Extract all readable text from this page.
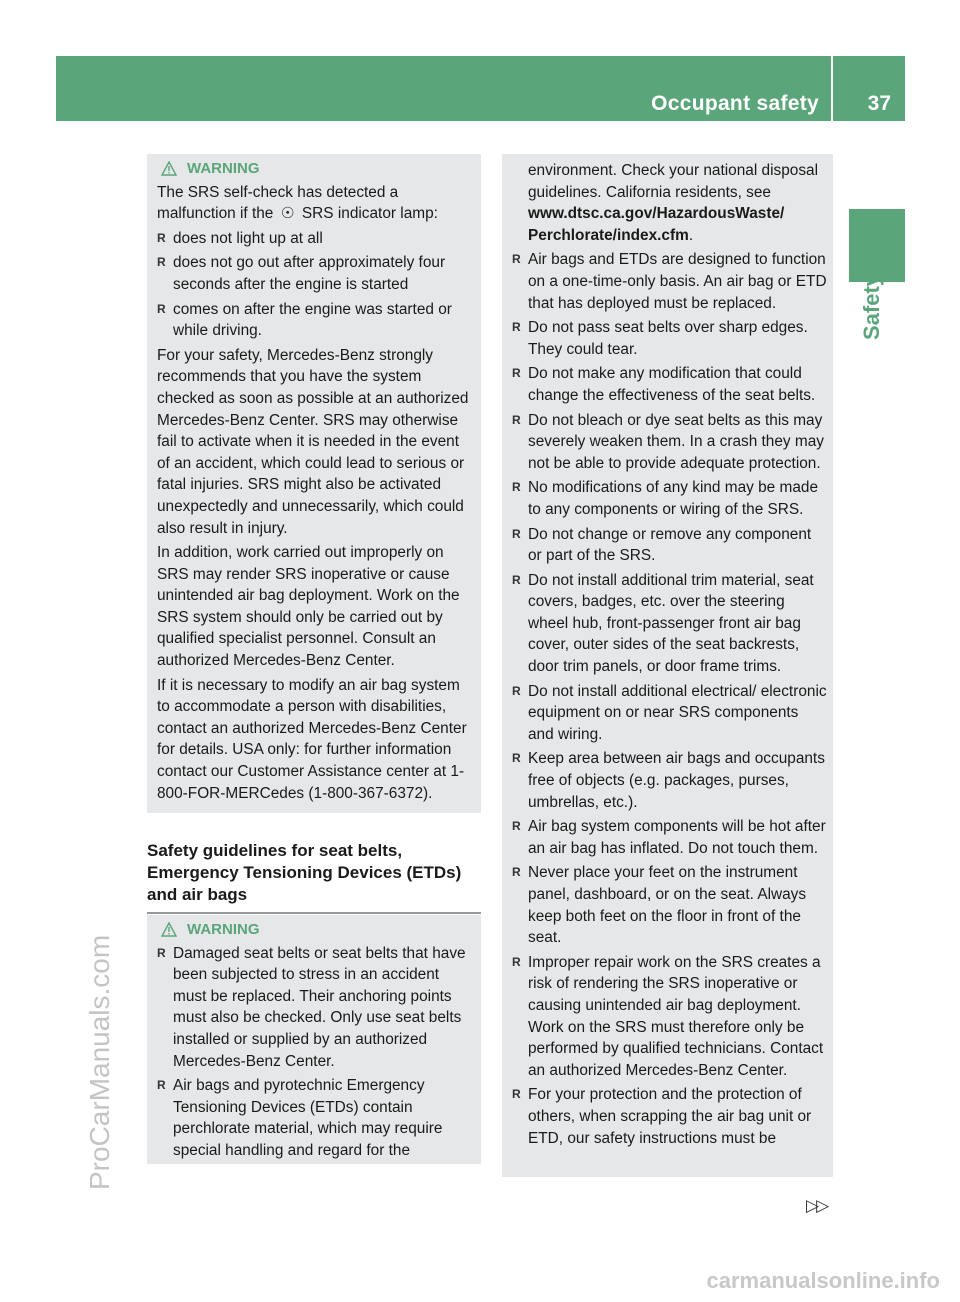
Occupant safety 37
Safety
ProCarManuals.com
WARNING

The SRS self-check has detected a malfunction if the ☉ SRS indicator lamp:

R does not light up at all
R does not go out after approximately four seconds after the engine is started
R comes on after the engine was started or while driving.

For your safety, Mercedes-Benz strongly recommends that you have the system checked as soon as possible at an authorized Mercedes-Benz Center. SRS may otherwise fail to activate when it is needed in the event of an accident, which could lead to serious or fatal injuries. SRS might also be activated unexpectedly and unnecessarily, which could also result in injury.

In addition, work carried out improperly on SRS may render SRS inoperative or cause unintended air bag deployment. Work on the SRS system should only be carried out by qualified specialist personnel. Consult an authorized Mercedes-Benz Center.

If it is necessary to modify an air bag system to accommodate a person with disabilities, contact an authorized Mercedes-Benz Center for details. USA only: for further information contact our Customer Assistance center at 1-800-FOR-MERCedes (1-800-367-6372).

Safety guidelines for seat belts, Emergency Tensioning Devices (ETDs) and air bags
WARNING
R Damaged seat belts or seat belts that have been subjected to stress in an accident must be replaced. Their anchoring points must also be checked. Only use seat belts installed or supplied by an authorized Mercedes-Benz Center.
R Air bags and pyrotechnic Emergency Tensioning Devices (ETDs) contain perchlorate material, which may require special handling and regard for the

environment. Check your national disposal guidelines. California residents, see www.dtsc.ca.gov/HazardousWaste/ Perchlorate/index.cfm.

R Air bags and ETDs are designed to function on a one-time-only basis. An air bag or ETD that has deployed must be replaced.
R Do not pass seat belts over sharp edges. They could tear.
R Do not make any modification that could change the effectiveness of the seat belts.
R Do not bleach or dye seat belts as this may severely weaken them. In a crash they may not be able to provide adequate protection.
R No modifications of any kind may be made to any components or wiring of the SRS.
R Do not change or remove any component or part of the SRS.
R Do not install additional trim material, seat covers, badges, etc. over the steering wheel hub, front-passenger front air bag cover, outer sides of the seat backrests, door trim panels, or door frame trims.
R Do not install additional electrical/ electronic equipment on or near SRS components and wiring.
R Keep area between air bags and occupants free of objects (e.g. packages, purses, umbrellas, etc.).
R Air bag system components will be hot after an air bag has inflated. Do not touch them.
R Never place your feet on the instrument panel, dashboard, or on the seat. Always keep both feet on the floor in front of the seat.
R Improper repair work on the SRS creates a risk of rendering the SRS inoperative or causing unintended air bag deployment. Work on the SRS must therefore only be performed by qualified technicians. Contact an authorized Mercedes-Benz Center.
R For your protection and the protection of others, when scrapping the air bag unit or ETD, our safety instructions must be
▷▷
carmanualsonline.info
